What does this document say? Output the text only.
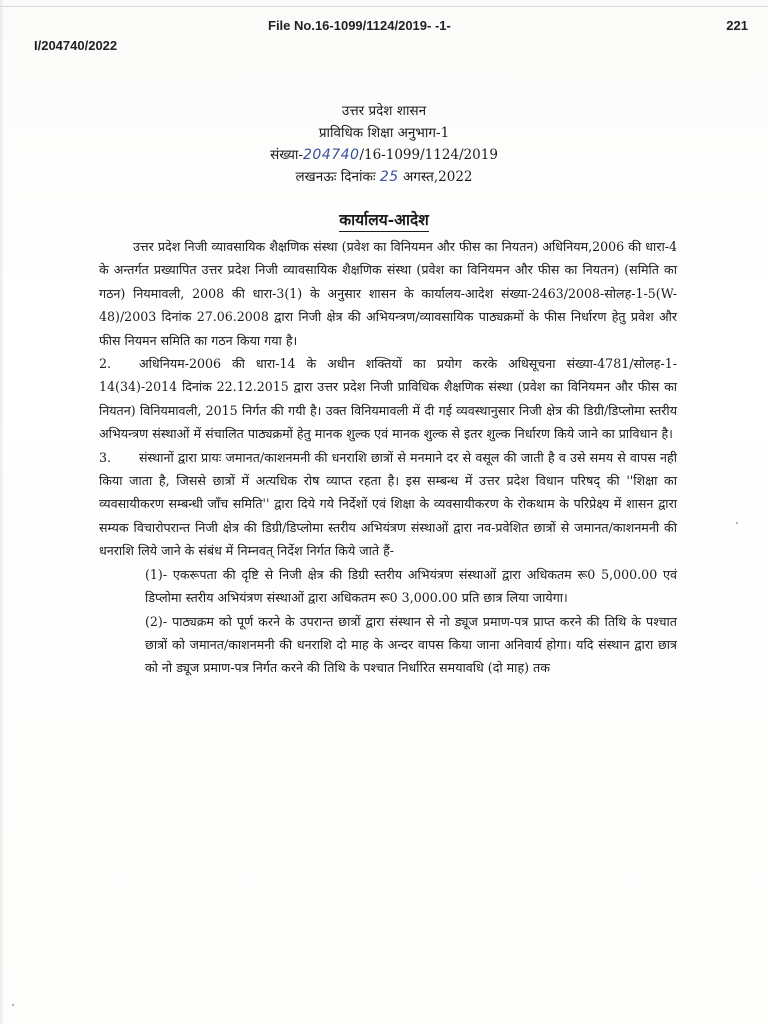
File No.16-1099/1124/2019- -1-	221
I/204740/2022
उत्तर प्रदेश शासन
प्राविधिक शिक्षा अनुभाग-1
संख्या-204740/16-1099/1124/2019
लखनऊः दिनांकः 25 अगस्त,2022
कार्यालय-आदेश

उत्तर प्रदेश निजी व्यावसायिक शैक्षणिक संस्था (प्रवेश का विनियमन और फीस का नियतन) अधिनियम,2006 की धारा-4 के अन्तर्गत प्रख्यापित उत्तर प्रदेश निजी व्यावसायिक शैक्षणिक संस्था (प्रवेश का विनियमन और फीस का नियतन) (समिति का गठन) नियमावली, 2008 की धारा-3(1) के अनुसार शासन के कार्यालय-आदेश संख्या-2463/2008-सोलह-1-5(W-48)/2003 दिनांक 27.06.2008 द्वारा निजी क्षेत्र की अभियन्त्रण/व्यावसायिक पाठ्यक्रमों के फीस निर्धारण हेतु प्रवेश और फीस नियमन समिति का गठन किया गया है।

2. अधिनियम-2006 की धारा-14 के अधीन शक्तियों का प्रयोग करके अधिसूचना संख्या-4781/सोलह-1-14(34)-2014 दिनांक 22.12.2015 द्वारा उत्तर प्रदेश निजी प्राविधिक शैक्षणिक संस्था (प्रवेश का विनियमन और फीस का नियतन) विनियमावली, 2015 निर्गत की गयी है। उक्त विनियमावली में दी गई व्यवस्थानुसार निजी क्षेत्र की डिग्री/डिप्लोमा स्तरीय अभियन्त्रण संस्थाओं में संचालित पाठ्यक्रमों हेतु मानक शुल्क एवं मानक शुल्क से इतर शुल्क निर्धारण किये जाने का प्राविधान है।

3. संस्थानों द्वारा प्रायः जमानत/काशनमनी की धनराशि छात्रों से मनमाने दर से वसूल की जाती है व उसे समय से वापस नही किया जाता है, जिससे छात्रों में अत्यधिक रोष व्याप्त रहता है। इस सम्बन्ध में उत्तर प्रदेश विधान परिषद् की ''शिक्षा का व्यवसायीकरण सम्बन्धी जाँच समिति'' द्वारा दिये गये निर्देशों एवं शिक्षा के व्यवसायीकरण के रोकथाम के परिप्रेक्ष्य में शासन द्वारा सम्यक विचारोपरान्त निजी क्षेत्र की डिग्री/डिप्लोमा स्तरीय अभियंत्रण संस्थाओं द्वारा नव-प्रवेशित छात्रों से जमानत/काशनमनी की धनराशि लिये जाने के संबंध में निम्नवत् निर्देश निर्गत किये जाते हैं-

(1)- एकरूपता की दृष्टि से निजी क्षेत्र की डिग्री स्तरीय अभियंत्रण संस्थाओं द्वारा अधिकतम रू0 5,000.00 एवं डिप्लोमा स्तरीय अभियंत्रण संस्थाओं द्वारा अधिकतम रू0 3,000.00 प्रति छात्र लिया जायेगा।

(2)- पाठ्यक्रम को पूर्ण करने के उपरान्त छात्रों द्वारा संस्थान से नो ड्यूज प्रमाण-पत्र प्राप्त करने की तिथि के पश्चात छात्रों को जमानत/काशनमनी की धनराशि दो माह के अन्दर वापस किया जाना अनिवार्य होगा। यदि संस्थान द्वारा छात्र को नो ड्यूज प्रमाण-पत्र निर्गत करने की तिथि के पश्चात निर्धारित समयावधि (दो माह) तक
